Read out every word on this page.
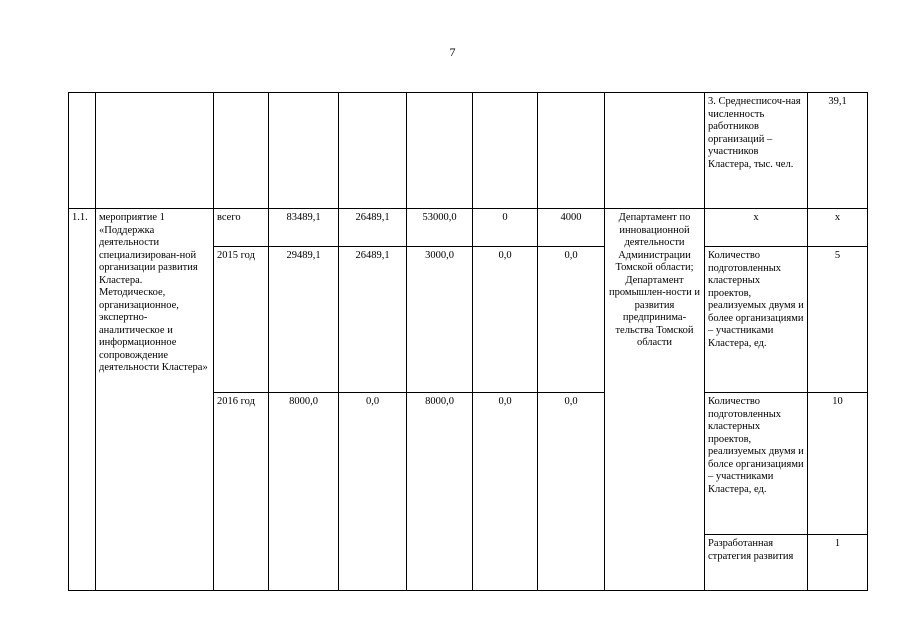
7
									3. Среднесписоч-ная численность работников организаций – участников Кластера, тыс. чел.	39,1
1.1.	мероприятие 1 «Поддержка деятельности специализирован-ной организации развития Кластера. Методическое, организационное, экспертно-аналитическое и информационное сопровождение деятельности Кластера»	всего	83489,1	26489,1	53000,0	0	4000	Департамент по инновационной деятельности Администрации Томской области; Департамент промышлен-ности и развития предпринима-тельства Томской области	х	х
		2015 год	29489,1	26489,1	3000,0	0,0	0,0		Количество подготовленных кластерных проектов, реализуемых двумя и более организациями – участниками Кластера, ед.	5
		2016 год	8000,0	0,0	8000,0	0,0	0,0		Количество подготовленных кластерных проектов, реализуемых двумя и болсе организациями – участниками Кластера, ед.	10
									Разработанная стратегия развития	1
